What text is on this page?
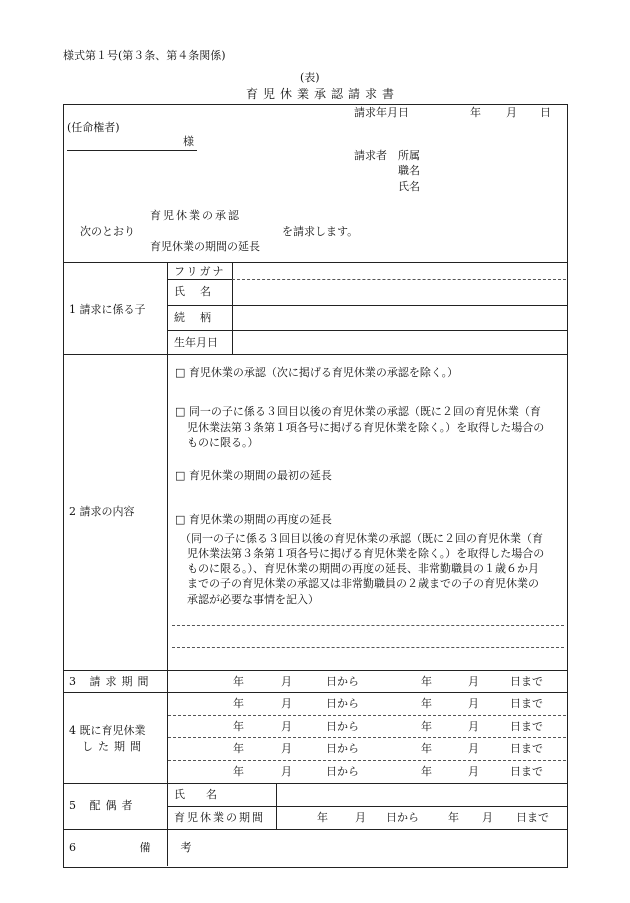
様式第１号(第３条、第４条関係)
(表)
育児休業承認請求書
請求年月日	年 月 日
(任命権者)
様
請求者 所属
職名
氏名
育児休業の承認
次のとおり	を請求します。
育児休業の期間の延長
1 請求に係る子
フリガナ
氏　名
続　柄
生年月日
2 請求の内容
□ 育児休業の承認（次に掲げる育児休業の承認を除く。）
□ 同一の子に係る３回目以後の育児休業の承認（既に２回の育児休業（育
児休業法第３条第１項各号に掲げる育児休業を除く。）を取得した場合の
ものに限る。）
□ 育児休業の期間の最初の延長
□ 育児休業の期間の再度の延長
（同一の子に係る３回目以後の育児休業の承認（既に２回の育児休業（育
児休業法第３条第１項各号に掲げる育児休業を除く。）を取得した場合の
ものに限る。）、育児休業の期間の再度の延長、非常勤職員の１歳６か月
までの子の育児休業の承認又は非常勤職員の２歳までの子の育児休業の
承認が必要な事情を記入）
3 請求期間	年	月	日から	年	月	日まで
4 既に育児休業
した期間
年	月	日から	年	月	日まで
年	月	日から	年	月	日まで
年	月	日から	年	月	日まで
年	月	日から	年	月	日まで
5 配偶者
氏　名
育児休業の期間	年 月 日から	年 月 日まで
6 備考
